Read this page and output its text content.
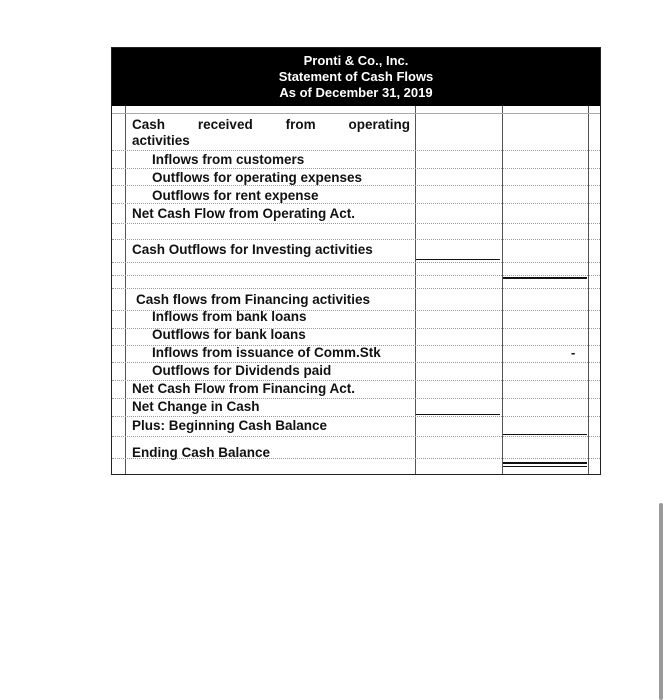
Pronti & Co., Inc.
Statement of Cash Flows
As of December 31, 2019
Cash received from operating
activities
Inflows from customers
Outflows for operating expenses
Outflows for rent expense
Net Cash Flow from Operating Act.
Cash Outflows for Investing activities
Cash flows from Financing activities
Inflows from bank loans
Outflows for bank loans
Inflows from issuance of Comm.Stk	-
Outflows for Dividends paid
Net Cash Flow from Financing Act.
Net Change in Cash
Plus: Beginning Cash Balance
Ending Cash Balance
